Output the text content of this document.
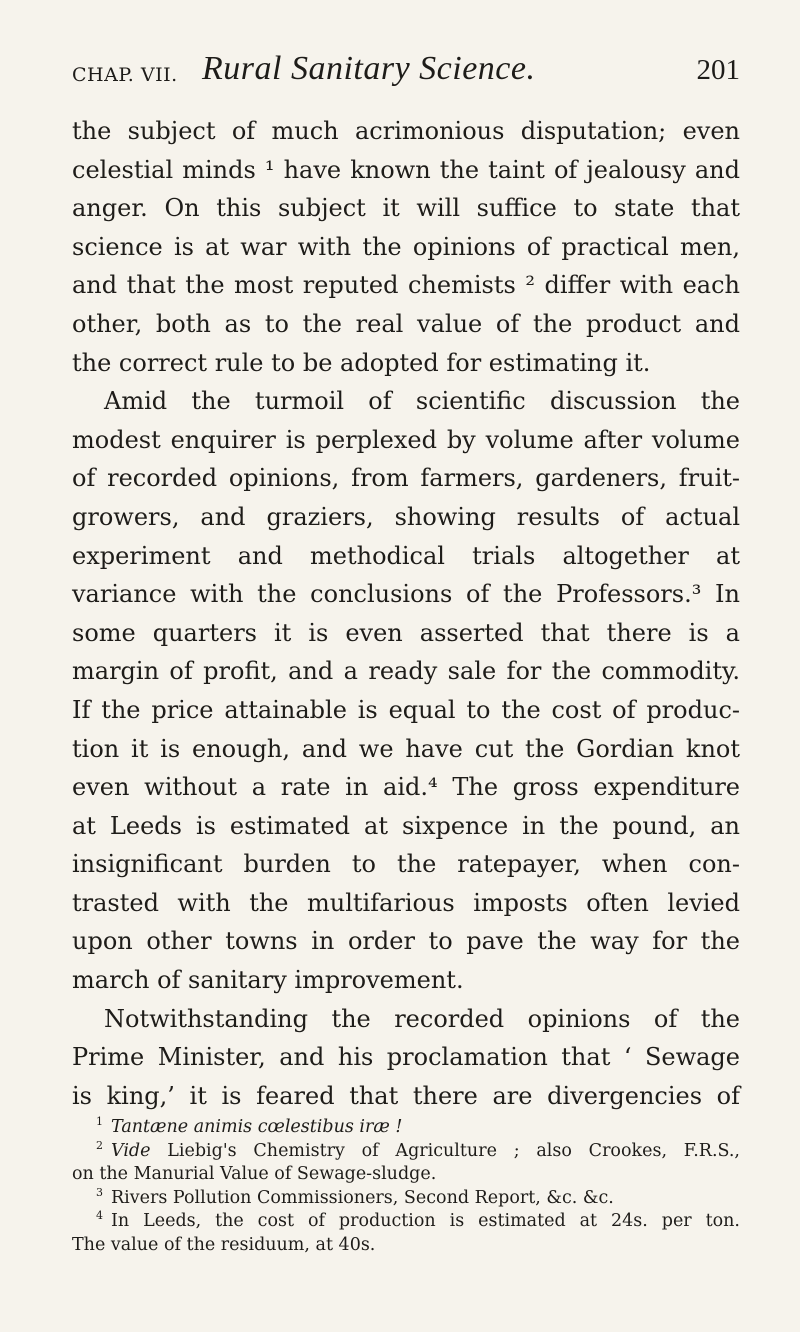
CHAP. VII. Rural Sanitary Science.	201
the subject of much acrimonious disputation; even
celestial minds ¹ have known the taint of jealousy and
anger. On this subject it will suffice to state that
science is at war with the opinions of practical men,
and that the most reputed chemists ² differ with each
other, both as to the real value of the product and
the correct rule to be adopted for estimating it.
Amid the turmoil of scientific discussion the
modest enquirer is perplexed by volume after volume
of recorded opinions, from farmers, gardeners, fruit-
growers, and graziers, showing results of actual
experiment and methodical trials altogether at
variance with the conclusions of the Professors.³ In
some quarters it is even asserted that there is a
margin of profit, and a ready sale for the commodity.
If the price attainable is equal to the cost of produc-
tion it is enough, and we have cut the Gordian knot
even without a rate in aid.⁴ The gross expenditure
at Leeds is estimated at sixpence in the pound, an
insignificant burden to the ratepayer, when con-
trasted with the multifarious imposts often levied
upon other towns in order to pave the way for the
march of sanitary improvement.
Notwithstanding the recorded opinions of the
Prime Minister, and his proclamation that ‘ Sewage
is king,’ it is feared that there are divergencies of
$^1$ Tantæne animis cœlestibus iræ !
$^2$ Vide Liebig's Chemistry of Agriculture ; also Crookes, F.R.S.,
on the Manurial Value of Sewage-sludge.
$^3$ Rivers Pollution Commissioners, Second Report, &c. &c.
$^4$ In Leeds, the cost of production is estimated at 24s. per ton.
The value of the residuum, at 40s.
